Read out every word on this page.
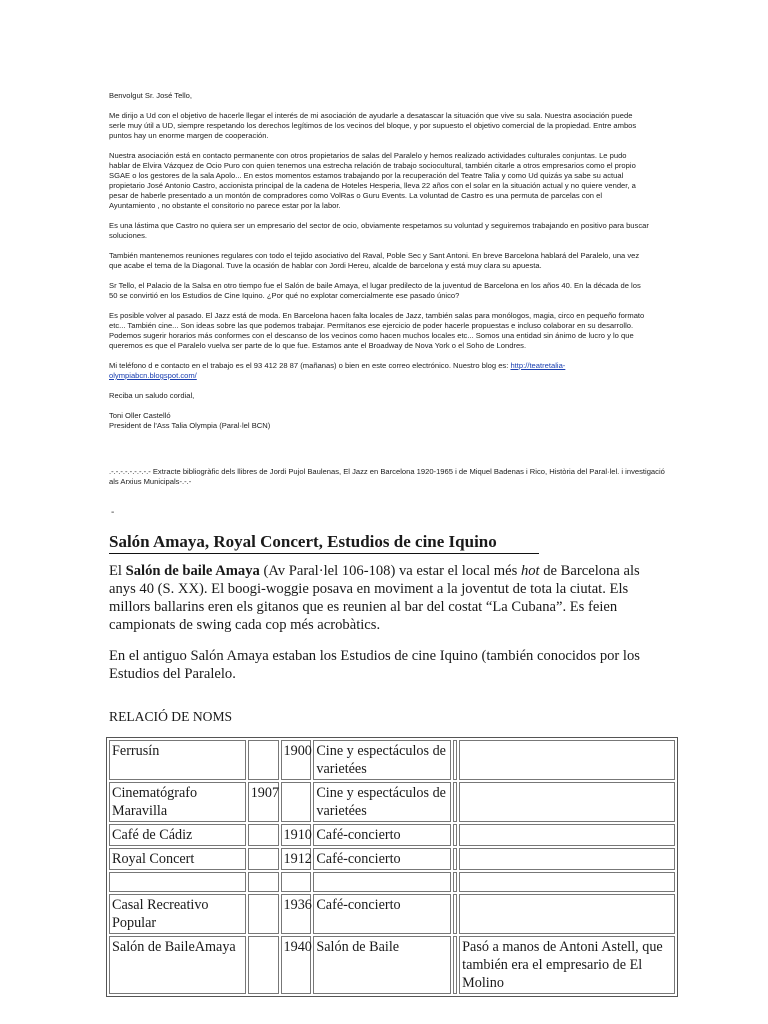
Benvolgut Sr. José Tello,

Me dirijo a Ud con el objetivo de hacerle llegar el interés de mi asociación de ayudarle a desatascar la situación que vive su sala. Nuestra asociación puede serle muy útil a UD, siempre respetando los derechos legítimos de los vecinos del bloque, y por supuesto el objetivo comercial de la propiedad. Entre ambos puntos hay un enorme margen de cooperación.

Nuestra asociación está en contacto permanente con otros propietarios de salas del Paralelo y hemos realizado actividades culturales conjuntas. Le pudo hablar de Elvira Vázquez de Ocio Puro con quien tenemos una estrecha relación de trabajo sociocultural, también citarle a otros empresarios como el propio SGAE o los gestores de la sala Apolo... En estos momentos estamos trabajando por la recuperación del Teatre Talia y como Ud quizás ya sabe su actual propietario José Antonio Castro, accionista principal de la cadena de Hoteles Hesperia, lleva 22 años con el solar en la situación actual y no quiere vender, a pesar de haberle presentado a un montón de compradores como VolRas o Guru Events. La voluntad de Castro es una permuta de parcelas con el Ayuntamiento , no obstante el consitorio no parece estar por la labor.

Es una lástima que Castro no quiera ser un empresario del sector de ocio, obviamente respetamos su voluntad y seguiremos trabajando en positivo para buscar soluciones.

También mantenemos reuniones regulares con todo el tejido asociativo del Raval, Poble Sec y Sant Antoni. En breve Barcelona hablará del Paralelo, una vez que acabe el tema de la Diagonal. Tuve la ocasión de hablar con Jordi Hereu, alcalde de barcelona y está muy clara su apuesta.

Sr Tello, el Palacio de la Salsa en otro tiempo fue el Salón de baile Amaya, el lugar predilecto de la juventud de Barcelona en los años 40. En la década de los 50 se convirtió en los Estudios de Cine Iquino. ¿Por qué no explotar comercialmente ese pasado único?

Es posible volver al pasado. El Jazz está de moda. En Barcelona hacen falta locales de Jazz, también salas para monólogos, magia, circo en pequeño formato etc... También cine... Son ideas sobre las que podemos trabajar. Permítanos ese ejercicio de poder hacerle propuestas e incluso colaborar en su desarrollo. Podemos sugerir horarios más conformes con el descanso de los vecinos como hacen muchos locales etc... Somos una entidad sin ánimo de lucro y lo que queremos es que el Paralelo vuelva ser parte de lo que fue. Estamos ante el Broadway de Nova York o el Soho de Londres.

Mi teléfono d e contacto en el trabajo es el 93 412 28 87 (mañanas) o bien en este correo electrónico. Nuestro blog es: http://teatretalia-olympiabcn.blogspot.com/

Reciba un saludo cordial,

Toni Oller Castelló

President de l'Ass Talia Olympia (Paral·lel BCN)

.-.-.-.-.-.-.-.-.- Extracte bibliogràfic dels llibres de Jordi Pujol Baulenas, El Jazz en Barcelona 1920-1965 i de Miquel Badenas i Rico, Història del Paral·lel. i investigació als Arxius Municipals-.-.-
-
Salón Amaya, Royal Concert, Estudios de cine Iquino
El Salón de baile Amaya (Av Paral·lel 106-108) va estar el local més hot de Barcelona als anys 40 (S. XX). El boogi-woggie posava en moviment a la joventut de tota la ciutat. Els millors ballarins eren els gitanos que es reunien al bar del costat “La Cubana”. Es feien campionats de swing cada cop més acrobàtics.
En el antiguo Salón Amaya estaban los Estudios de cine Iquino (también conocidos por los Estudios del Paralelo.
RELACIÓ DE NOMS
Ferrusín		1900	Cine y espectáculos de varietées		
Cinematógrafo Maravilla	1907		Cine y espectáculos de varietées		
Café de Cádiz		1910	Café-concierto		
Royal Concert		1912	Café-concierto		

Casal Recreativo Popular		1936	Café-concierto		
Salón de BaileAmaya		1940	Salón de Baile		Pasó a manos de Antoni Astell, que también era el empresario de El Molino
